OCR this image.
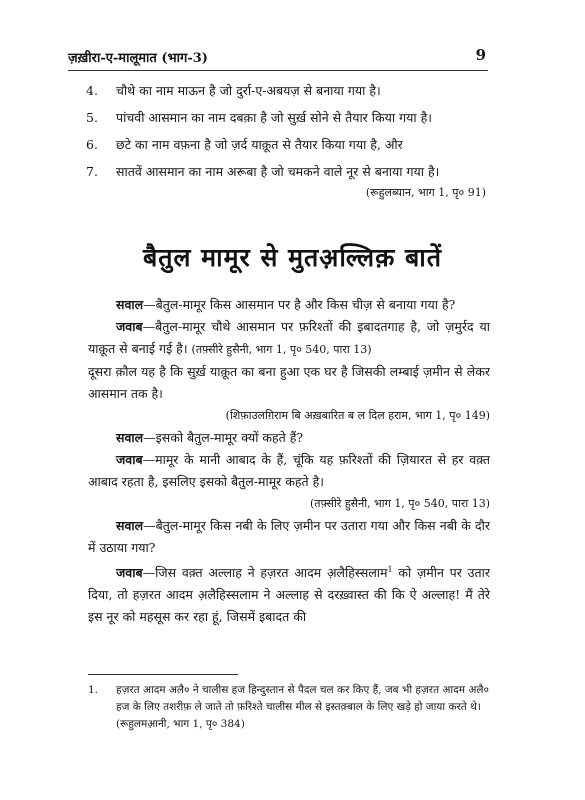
ज़ख़ीरा-ए-मालूमात (भाग-3)	9
4.	चौथे का नाम माऊन है जो दुर्रा-ए-अबयज़ से बनाया गया है।
5.	पांचवी आसमान का नाम दबक़ा है जो सुर्ख़ सोने से तैयार किया गया है।
6.	छटे का नाम वफ़ना है जो ज़र्द याक़ूत से तैयार किया गया है, और
7.	सातवें आसमान का नाम अरूबा है जो चमकने वाले नूर से बनाया गया है।
(रूहुलब्यान, भाग 1, पृ० 91)
बैतुल मामूर से मुतअ़ल्लिक़ बातें

सवाल—बैतुल-मामूर किस आसमान पर है और किस चीज़ से बनाया गया है?

जवाब—बैतुल-मामूर चौथे आसमान पर फ़रिश्तों की इबादतगाह है, जो ज़मुर्रद या याक़ूत से बनाई गई है। (तफ़्सीरे हुसैनी, भाग 1, पृ० 540, पारा 13)

दूसरा क़ौल यह है कि सुर्ख़ याक़ूत का बना हुआ एक घर है जिसकी लम्बाई ज़मीन से लेकर आसमान तक है।

(शिफ़ाउलग़िराम बि अख़बारित ब ल दिल हराम, भाग 1, पृ० 149)

सवाल—इसको बैतुल-मामूर क्यों कहते हैं?

जवाब—मामूर के मानी आबाद के हैं, चूंकि यह फ़रिश्तों की ज़ियारत से हर वक़्त आबाद रहता है, इसलिए इसको बैतुल-मामूर कहते है।

(तफ़्सीरे हुसैनी, भाग 1, पृ० 540, पारा 13)

सवाल—बैतुल-मामूर किस नबी के लिए ज़मीन पर उतारा गया और किस नबी के दौर में उठाया गया?

जवाब—जिस वक़्त अल्लाह ने हज़रत आदम अ़लैहिस्सलाम$^1$ को ज़मीन पर उतार दिया, तो हज़रत आदम अ़लैहिस्सलाम ने अल्लाह से दरख़्वास्त की कि ऐ अल्लाह! मैं तेरे इस नूर को महसूस कर रहा हूं, जिसमें इबादत की

1.	हज़रत आदम अलै० ने चालीस हज हिन्दुस्तान से पैदल चल कर किए हैं, जब भी हज़रत आदम अलै० हज के लिए तशरीफ़ ले जाते तो फ़रिश्ते चालीस मील से इस्तक़्बाल के लिए खड़े हो जाया करते थे। (रूहुलमआ़नी, भाग 1, पृ० 384)
